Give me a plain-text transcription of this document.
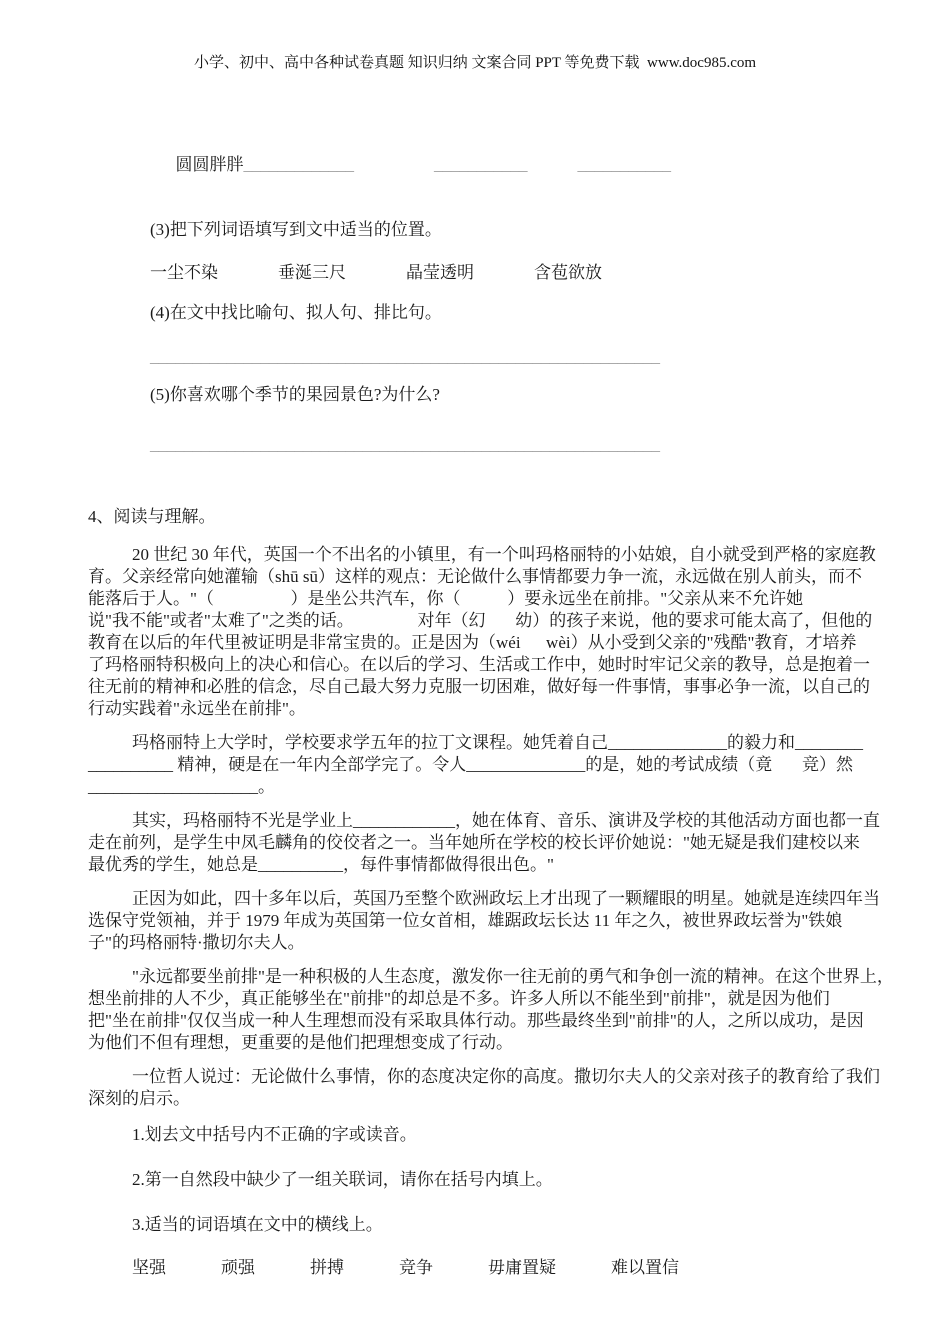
小学、初中、高中各种试卷真题 知识归纳 文案合同 PPT 等免费下载  www.doc985.com

圆圆胖胖_____________	___________	___________

(3)把下列词语填写到文中适当的位置。
一尘不染	垂涎三尺	晶莹透明	含苞欲放
(4)在文中找比喻句、拟人句、排比句。
____________________________________________________________
(5)你喜欢哪个季节的果园景色?为什么?
____________________________________________________________
4、阅读与理解。
20 世纪 30 年代，英国一个不出名的小镇里，有一个叫玛格丽特的小姑娘，自小就受到严格的家庭教
育。父亲经常向她灌输（shū sū）这样的观点：无论做什么事情都要力争一流，永远做在别人前头，而不
能落后于人。"（                  ）是坐公共汽车，你（           ）要永远坐在前排。"父亲从来不允许她
说"我不能"或者"太难了"之类的话。               对年（幻       幼）的孩子来说，他的要求可能太高了，但他的
教育在以后的年代里被证明是非常宝贵的。正是因为（wéi      wèi）从小受到父亲的"残酷"教育，才培养
了玛格丽特积极向上的决心和信心。在以后的学习、生活或工作中，她时时牢记父亲的教导，总是抱着一
往无前的精神和必胜的信念，尽自己最大努力克服一切困难，做好每一件事情，事事必争一流，以自己的
行动实践着"永远坐在前排"。
玛格丽特上大学时，学校要求学五年的拉丁文课程。她凭着自己______________的毅力和________
__________ 精神，硬是在一年内全部学完了。令人______________的是，她的考试成绩（竟       竞）然
____________________。
其实，玛格丽特不光是学业上____________，她在体育、音乐、演讲及学校的其他活动方面也都一直
走在前列，是学生中凤毛麟角的佼佼者之一。当年她所在学校的校长评价她说："她无疑是我们建校以来
最优秀的学生，她总是__________，每件事情都做得很出色。"
正因为如此，四十多年以后，英国乃至整个欧洲政坛上才出现了一颗耀眼的明星。她就是连续四年当
选保守党领袖，并于 1979 年成为英国第一位女首相，雄踞政坛长达 11 年之久，被世界政坛誉为"铁娘
子"的玛格丽特·撒切尔夫人。
"永远都要坐前排"是一种积极的人生态度，激发你一往无前的勇气和争创一流的精神。在这个世界上，
想坐前排的人不少，真正能够坐在"前排"的却总是不多。许多人所以不能坐到"前排"，就是因为他们
把"坐在前排"仅仅当成一种人生理想而没有采取具体行动。那些最终坐到"前排"的人，之所以成功，是因
为他们不但有理想，更重要的是他们把理想变成了行动。
一位哲人说过：无论做什么事情，你的态度决定你的高度。撒切尔夫人的父亲对孩子的教育给了我们
深刻的启示。
1.划去文中括号内不正确的字或读音。
2.第一自然段中缺少了一组关联词，请你在括号内填上。
3.适当的词语填在文中的横线上。
坚强	顽强	拼搏	竞争	毋庸置疑	难以置信
